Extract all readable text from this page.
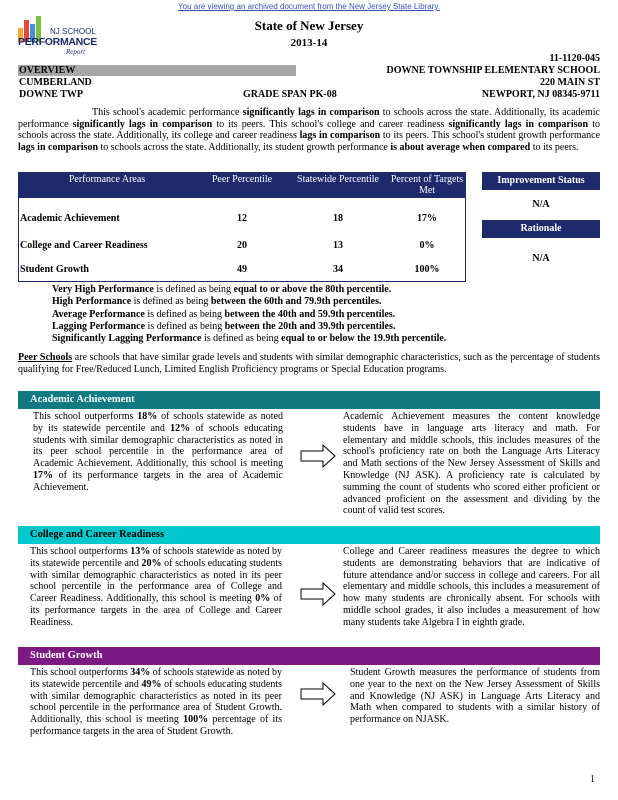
You are viewing an archived document from the New Jersey State Library.
NJ SCHOOL
PERFORMANCE
Report
State of New Jersey
2013-14
11-1120-045
OVERVIEW	DOWNE TOWNSHIP ELEMENTARY SCHOOL
CUMBERLAND	220 MAIN ST
DOWNE TWP	GRADE SPAN PK-08	NEWPORT, NJ 08345-9711
This school's academic performance significantly lags in comparison to schools across the state. Additionally, its academic performance significantly lags in comparison to its peers. This school's college and career readiness significantly lags in comparison to schools across the state. Additionally, its college and career readiness lags in comparison to its peers. This school's student growth performance lags in comparison to schools across the state. Additionally, its student growth performance is about average when compared to its peers.
Performance Areas	Peer Percentile	Statewide Percentile	Percent of Targets Met
Academic Achievement	12	18	17%
College and Career Readiness	20	13	0%
Student Growth	49	34	100%
Improvement Status
N/A
Rationale
N/A
Very High Performance is defined as being equal to or above the 80th percentile.
High Performance is defined as being between the 60th and 79.9th percentiles.
Average Performance is defined as being between the 40th and 59.9th percentiles.
Lagging Performance is defined as being between the 20th and 39.9th percentiles.
Significantly Lagging Performance is defined as being equal to or below the 19.9th percentile.
Peer Schools are schools that have similar grade levels and students with similar demographic characteristics, such as the percentage of students qualifying for Free/Reduced Lunch, Limited English Proficiency programs or Special Education programs.
Academic Achievement
This school outperforms 18% of schools statewide as noted by its statewide percentile and 12% of schools educating students with similar demographic characteristics as noted in its peer school percentile in the performance area of Academic Achievement. Additionally, this school is meeting 17% of its performance targets in the area of Academic Achievement.
Academic Achievement measures the content knowledge students have in language arts literacy and math. For elementary and middle schools, this includes measures of the school's proficiency rate on both the Language Arts Literacy and Math sections of the New Jersey Assessment of Skills and Knowledge (NJ ASK). A proficiency rate is calculated by summing the count of students who scored either proficient or advanced proficient on the assessment and dividing by the count of valid test scores.
College and Career Readiness
This school outperforms 13% of schools statewide as noted by its statewide percentile and 20% of schools educating students with similar demographic characteristics as noted in its peer school percentile in the performance area of College and Career Readiness. Additionally, this school is meeting 0% of its performance targets in the area of College and Career Readiness.
College and Career readiness measures the degree to which students are demonstrating behaviors that are indicative of future attendance and/or success in college and careers. For all elementary and middle schools, this includes a measurement of how many students are chronically absent. For schools with middle school grades, it also includes a measurement of how many students take Algebra I in eighth grade.
Student Growth
This school outperforms 34% of schools statewide as noted by its statewide percentile and 49% of schools educating students with similar demographic characteristics as noted in its peer school percentile in the performance area of Student Growth. Additionally, this school is meeting 100% percentage of its performance targets in the area of Student Growth.
Student Growth measures the performance of students from one year to the next on the New Jersey Assessment of Skills and Knowledge (NJ ASK) in Language Arts Literacy and Math when compared to students with a similar history of performance on NJASK.
1
